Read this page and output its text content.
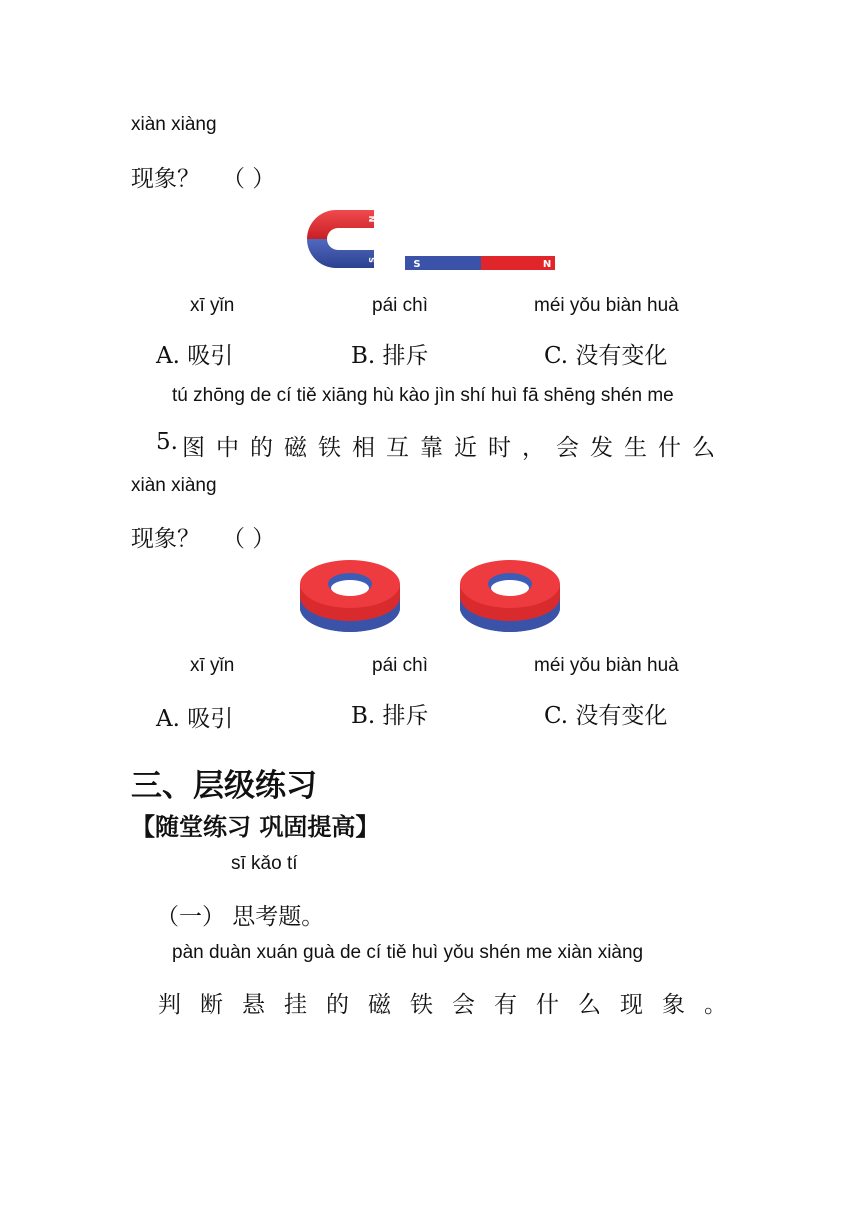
xiàn xiàng
现象？ （ ）
N
S	S	N
xī yǐn	pái chì	méi yǒu biàn huà
A. 吸引	B. 排斥	C. 没有变化
tú zhōng de cí tiě xiāng hù kào jìn shí huì fā shēng shén me
5. 图中的磁铁相互靠近时，会发生什么
xiàn xiàng
现象？ （ ）
xī yǐn	pái chì	méi yǒu biàn huà
A. 吸引	B. 排斥	C. 没有变化
三、层级练习
【随堂练习 巩固提高】
sī kǎo tí
（一） 思考题。
pàn duàn xuán guà de cí tiě huì yǒu shén me xiàn xiàng
判断悬挂的磁铁会有什么现象。
